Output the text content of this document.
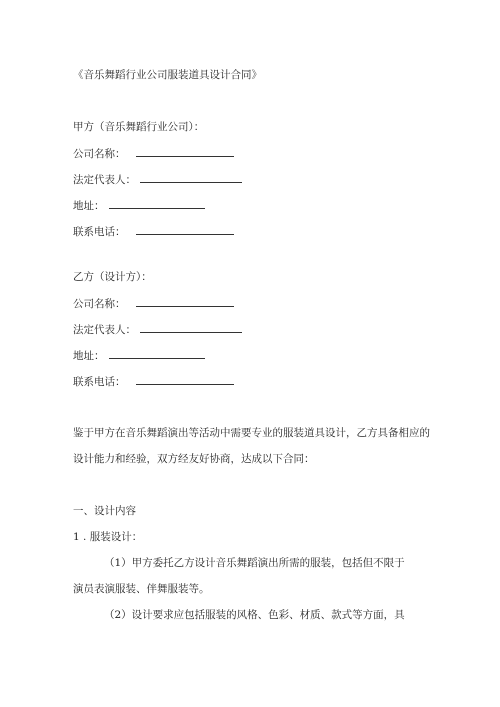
《音乐舞蹈行业公司服装道具设计合同》
甲方（音乐舞蹈行业公司）：
公司名称：
法定代表人：
地址：
联系电话：
乙方（设计方）：
公司名称：
法定代表人：
地址：
联系电话：
鉴于甲方在音乐舞蹈演出等活动中需要专业的服装道具设计，乙方具备相应的
设计能力和经验，双方经友好协商，达成以下合同：
一、设计内容
1 . 服装设计：
（1）甲方委托乙方设计音乐舞蹈演出所需的服装，包括但不限于
演员表演服装、伴舞服装等。
（2）设计要求应包括服装的风格、色彩、材质、款式等方面，具
